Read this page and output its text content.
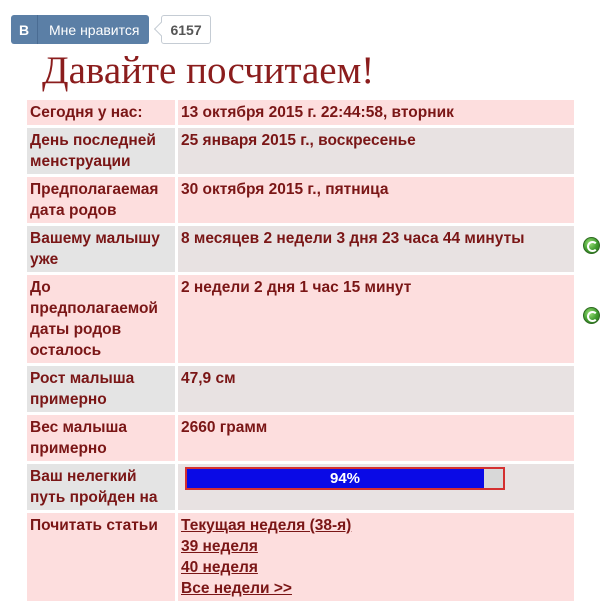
В	Мне нравится	6157
Давайте посчитаем!
Сегодня у нас:	13 октября 2015 г. 22:44:58, вторник
День последней менструации	25 января 2015 г., воскресенье
Предполагаемая дата родов	30 октября 2015 г., пятница
Вашему малышу уже	8 месяцев 2 недели 3 дня 23 часа 44 минуты
До предполагаемой даты родов осталось	2 недели 2 дня 1 час 15 минут
Рост малыша примерно	47,9 см
Вес малыша примерно	2660 грамм
Ваш нелегкий путь пройден на	94%

Почитать статьи	Текущая неделя (38-я)
39 неделя
40 неделя
Все недели >>
